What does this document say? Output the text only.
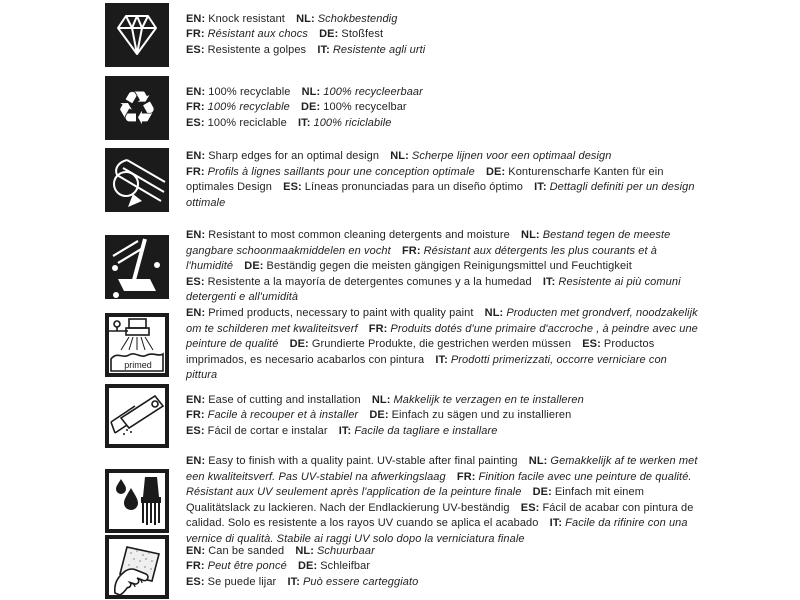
EN: Knock resistant NL: Schokbestendig
FR: Résistant aux chocs DE: Stoßfest
ES: Resistente a golpes IT: Resistente agli urti

♻	EN: 100% recyclable NL: 100% recycleerbaar
FR: 100% recyclable DE: 100% recycelbar
ES: 100% reciclable IT: 100% riciclabile

EN: Sharp edges for an optimal design NL: Scherpe lijnen voor een optimaal design
FR: Profils à lignes saillants pour une conception optimale DE: Konturenscharfe Kanten für ein optimales Design ES: Líneas pronunciadas para un diseño óptimo IT: Dettagli definiti per un design ottimale

EN: Resistant to most common cleaning detergents and moisture NL: Bestand tegen de meeste gangbare schoonmaakmiddelen en vocht FR: Résistant aux détergents les plus courants et à l'humidité DE: Beständig gegen die meisten gängigen Reinigungsmittel und Feuchtigkeit ES: Resistente a la mayoría de detergentes comunes y a la humedad IT: Resistente ai più comuni detergenti e all'umidità

primed

EN: Primed products, necessary to paint with quality paint NL: Producten met grondverf, noodzakelijk om te schilderen met kwaliteitsverf FR: Produits dotés d'une primaire d'accroche , à peindre avec une peinture de qualité DE: Grundierte Produkte, die gestrichen werden müssen ES: Productos imprimados, es necesario acabarlos con pintura IT: Prodotti primerizzati, occorre verniciare con pittura

EN: Ease of cutting and installation NL: Makkelijk te verzagen en te installeren
FR: Facile à recouper et à installer DE: Einfach zu sägen und zu installieren
ES: Fácil de cortar e instalar IT: Facile da tagliare e installare

EN: Easy to finish with a quality paint. UV-stable after final painting NL: Gemakkelijk af te werken met een kwaliteitsverf. Pas UV-stabiel na afwerkingslaag FR: Finition facile avec une peinture de qualité. Résistant aux UV seulement après l'application de la peinture finale DE: Einfach mit einem Qualitätslack zu lackieren. Nach der Endlackierung UV-beständig ES: Fácil de acabar con pintura de calidad. Solo es resistente a los rayos UV cuando se aplica el acabado IT: Facile da rifinire con una vernice di qualità. Stabile ai raggi UV solo dopo la verniciatura finale

EN: Can be sanded NL: Schuurbaar
FR: Peut être poncé DE: Schleifbar
ES: Se puede lijar IT: Può essere carteggiato
